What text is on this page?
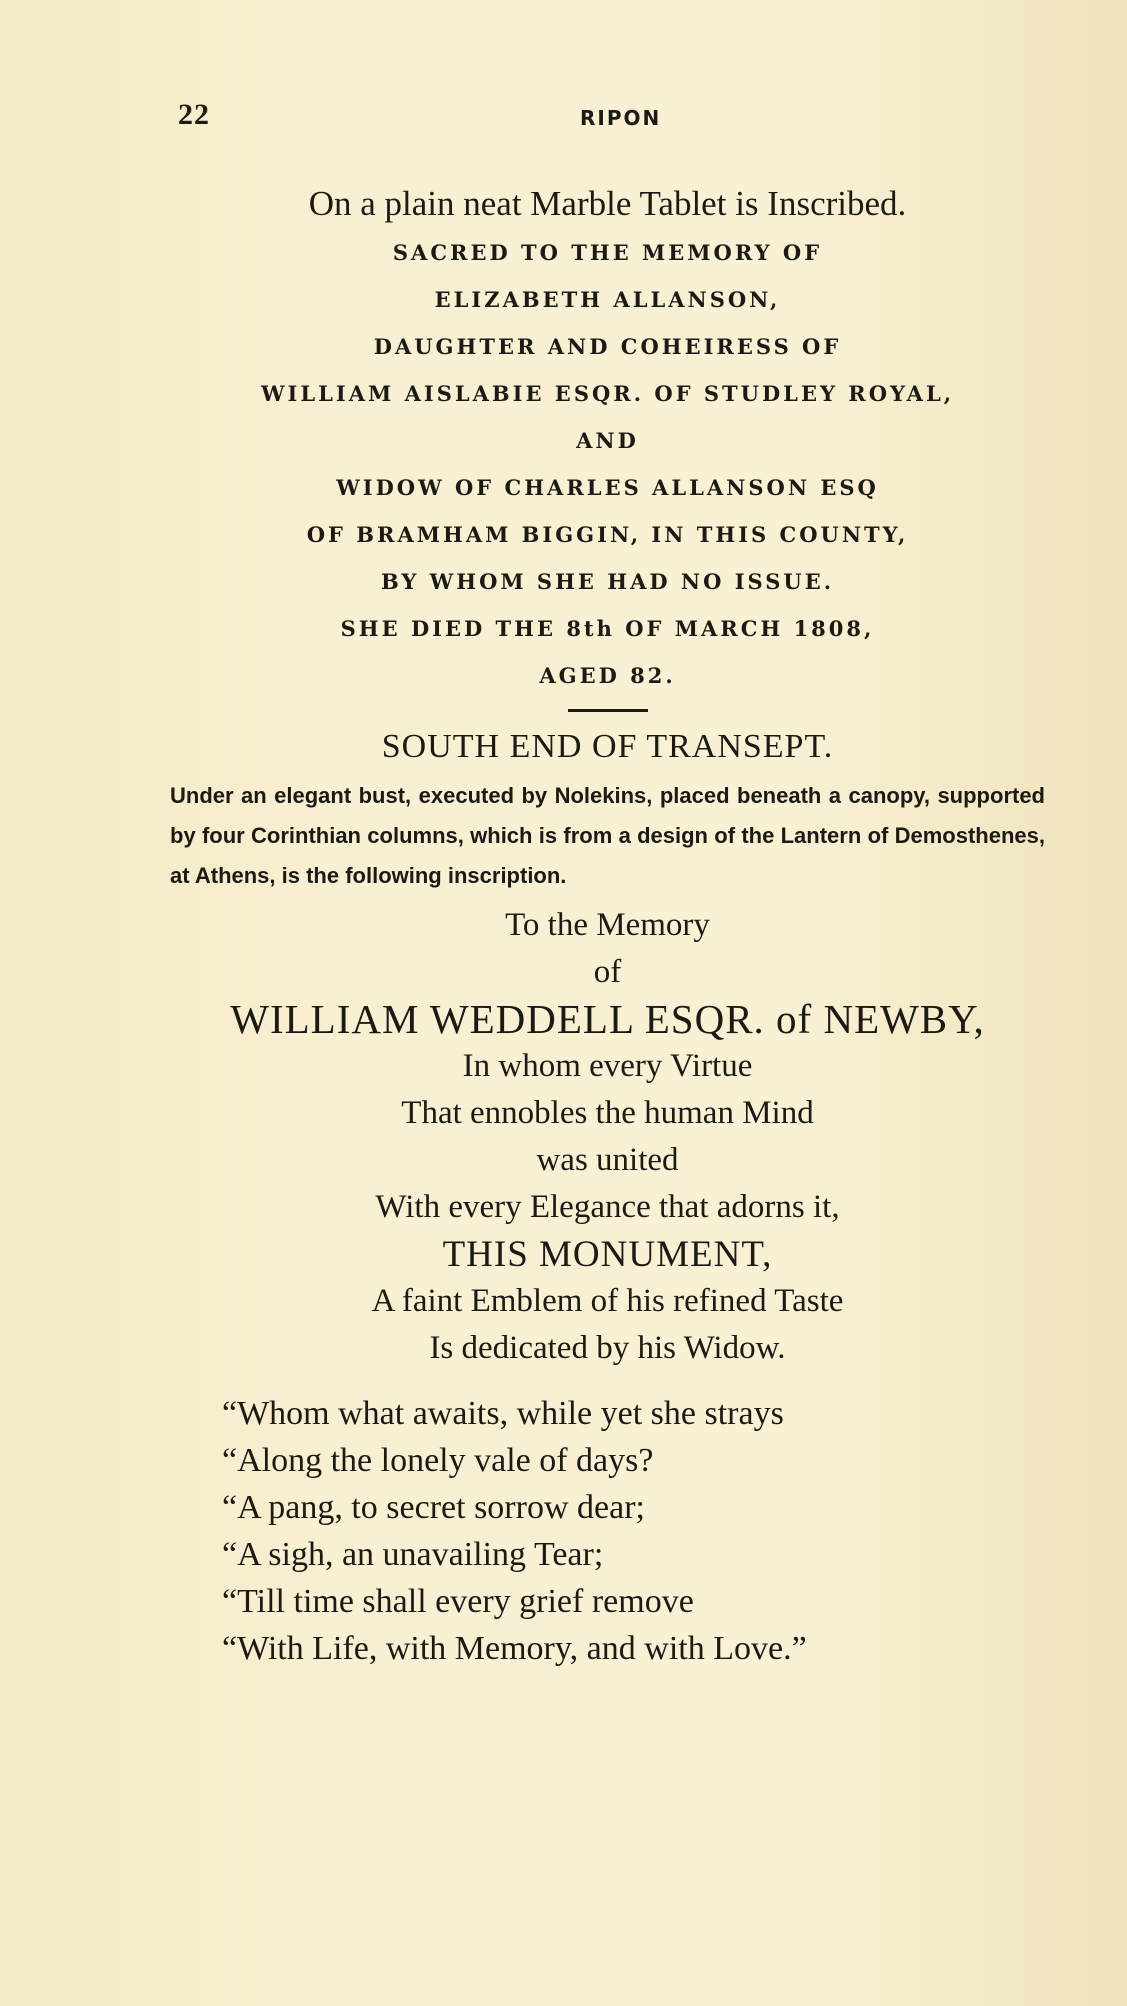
22	RIPON
On a plain neat Marble Tablet is Inscribed.
SACRED TO THE MEMORY OF
ELIZABETH ALLANSON,
DAUGHTER AND COHEIRESS OF
WILLIAM AISLABIE ESQR. OF STUDLEY ROYAL,
AND
WIDOW OF CHARLES ALLANSON ESQ
OF BRAMHAM BIGGIN, IN THIS COUNTY,
BY WHOM SHE HAD NO ISSUE.
SHE DIED THE 8th OF MARCH 1808,
AGED 82.
SOUTH END OF TRANSEPT.
Under an elegant bust, executed by Nolekins, placed beneath a canopy, supported by four Corinthian columns, which is from a design of the Lantern of Demosthenes, at Athens, is the following inscription.
To the Memory
of
WILLIAM WEDDELL ESQR. of NEWBY,
In whom every Virtue
That ennobles the human Mind
was united
With every Elegance that adorns it,
THIS MONUMENT,
A faint Emblem of his refined Taste
Is dedicated by his Widow.
“Whom what awaits, while yet she strays
“Along the lonely vale of days?
“A pang, to secret sorrow dear;
“A sigh, an unavailing Tear;
“Till time shall every grief remove
“With Life, with Memory, and with Love.”
